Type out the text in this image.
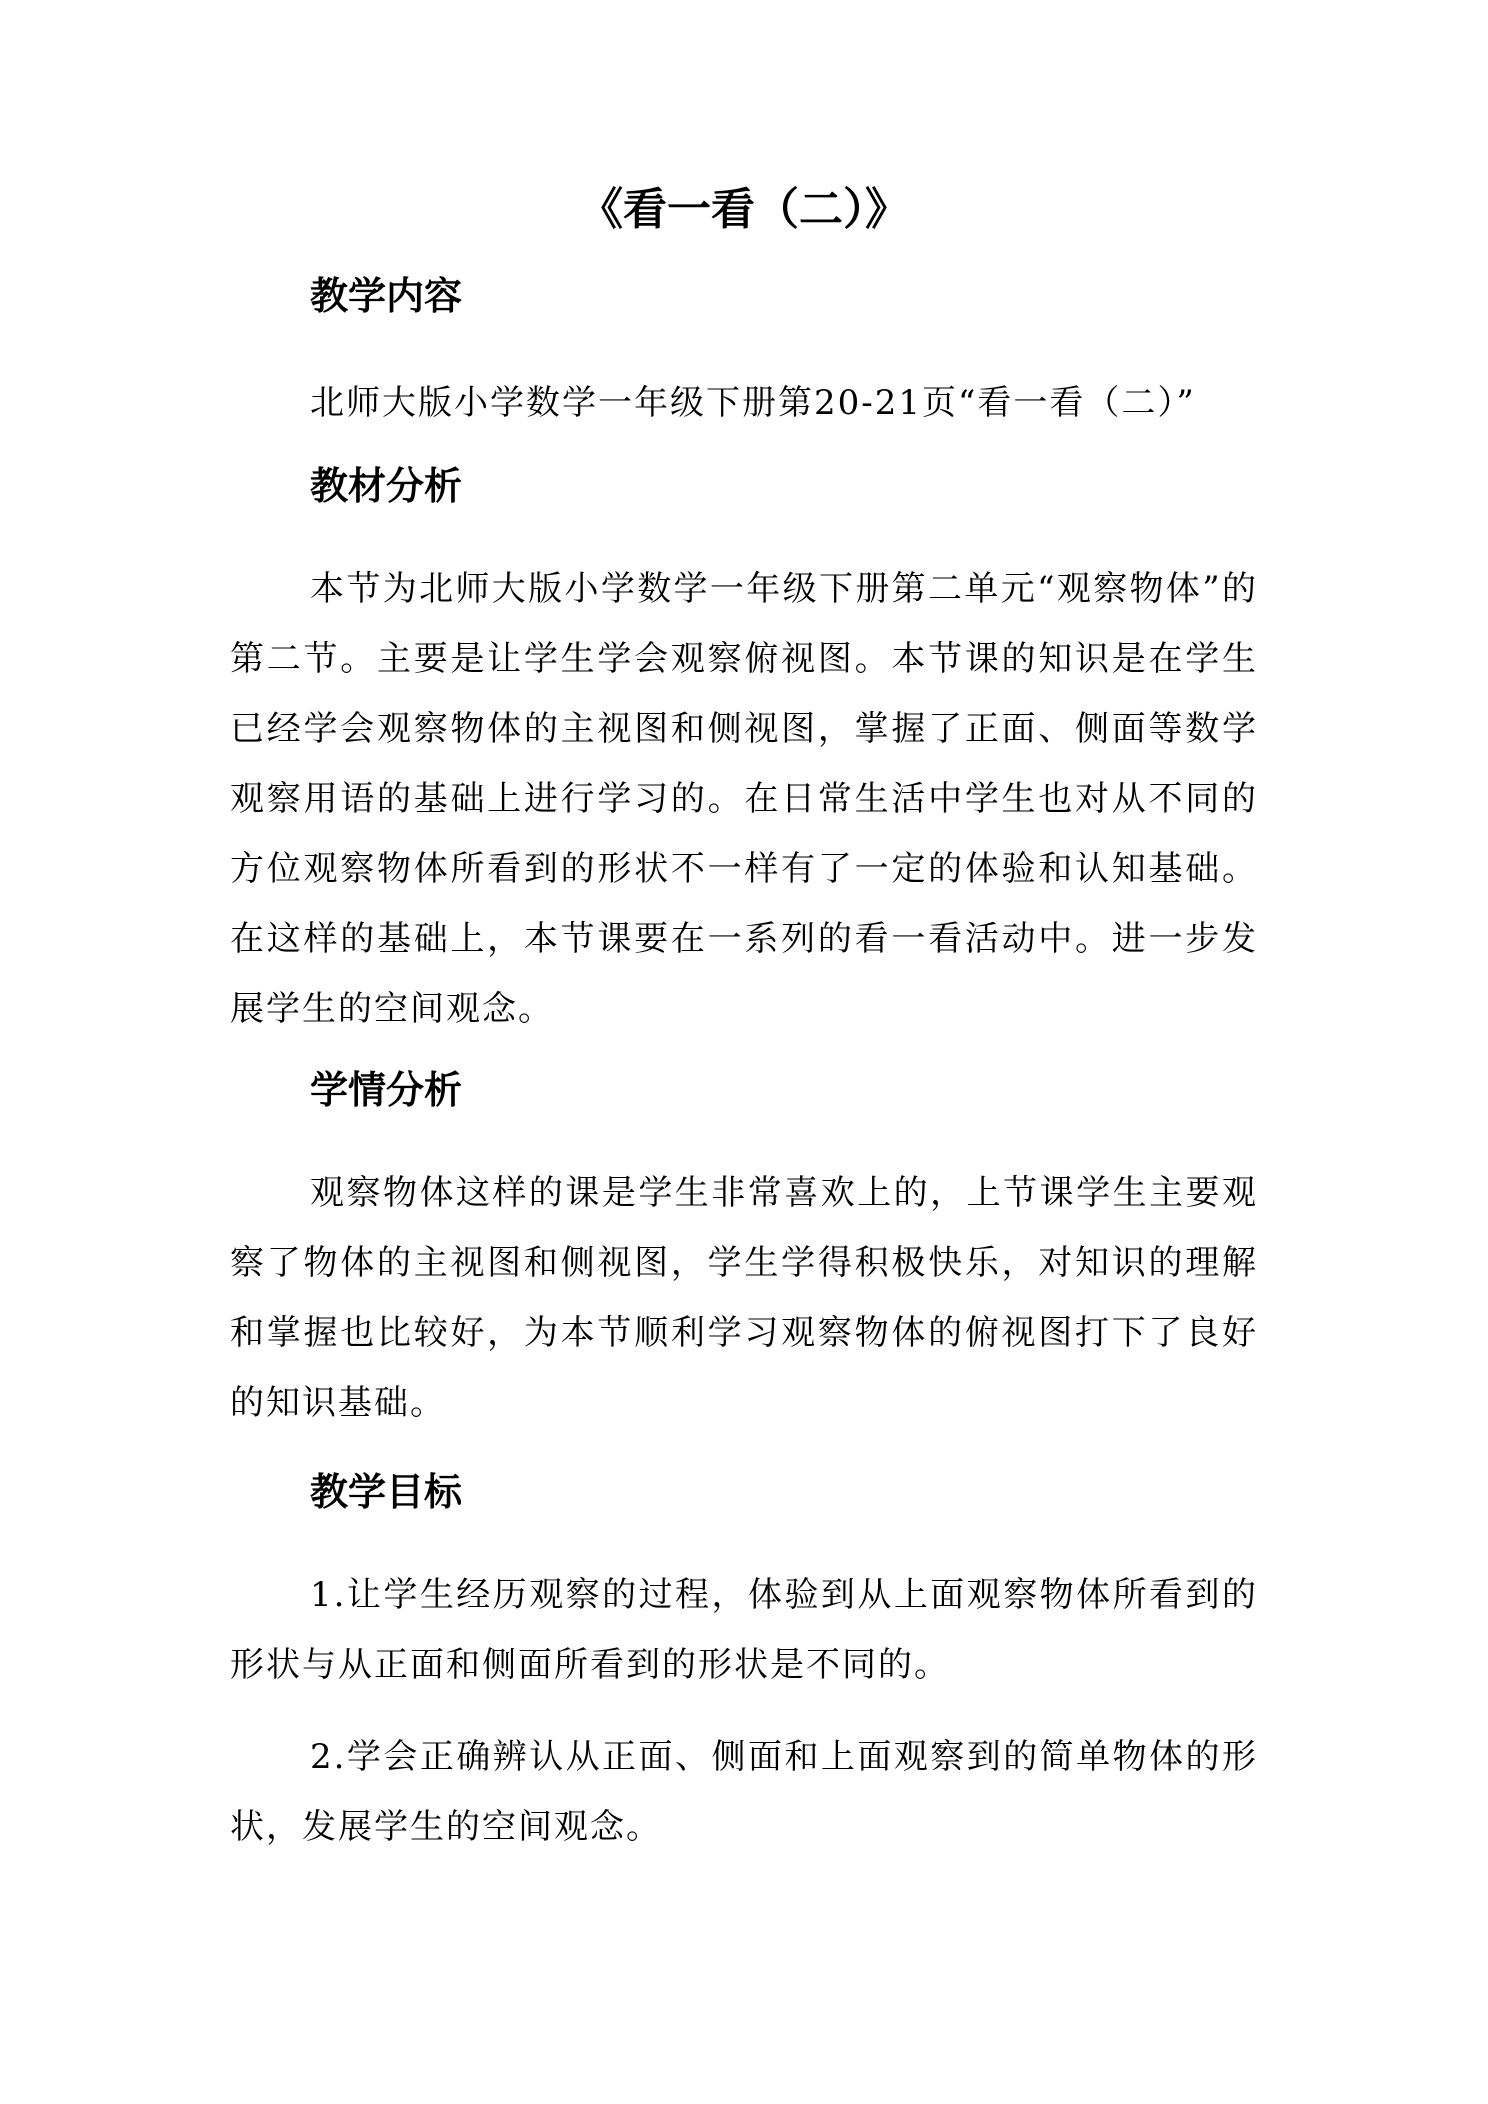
《看一看（二）》
教学内容

北师大版小学数学一年级下册第20-21页“看一看（二）”

教材分析

本节为北师大版小学数学一年级下册第二单元“观察物体”的第二节。主要是让学生学会观察俯视图。本节课的知识是在学生已经学会观察物体的主视图和侧视图，掌握了正面、侧面等数学观察用语的基础上进行学习的。在日常生活中学生也对从不同的方位观察物体所看到的形状不一样有了一定的体验和认知基础。在这样的基础上，本节课要在一系列的看一看活动中。进一步发展学生的空间观念。

学情分析

观察物体这样的课是学生非常喜欢上的，上节课学生主要观察了物体的主视图和侧视图，学生学得积极快乐，对知识的理解和掌握也比较好，为本节顺利学习观察物体的俯视图打下了良好的知识基础。

教学目标

1.让学生经历观察的过程，体验到从上面观察物体所看到的形状与从正面和侧面所看到的形状是不同的。

2.学会正确辨认从正面、侧面和上面观察到的简单物体的形状，发展学生的空间观念。
